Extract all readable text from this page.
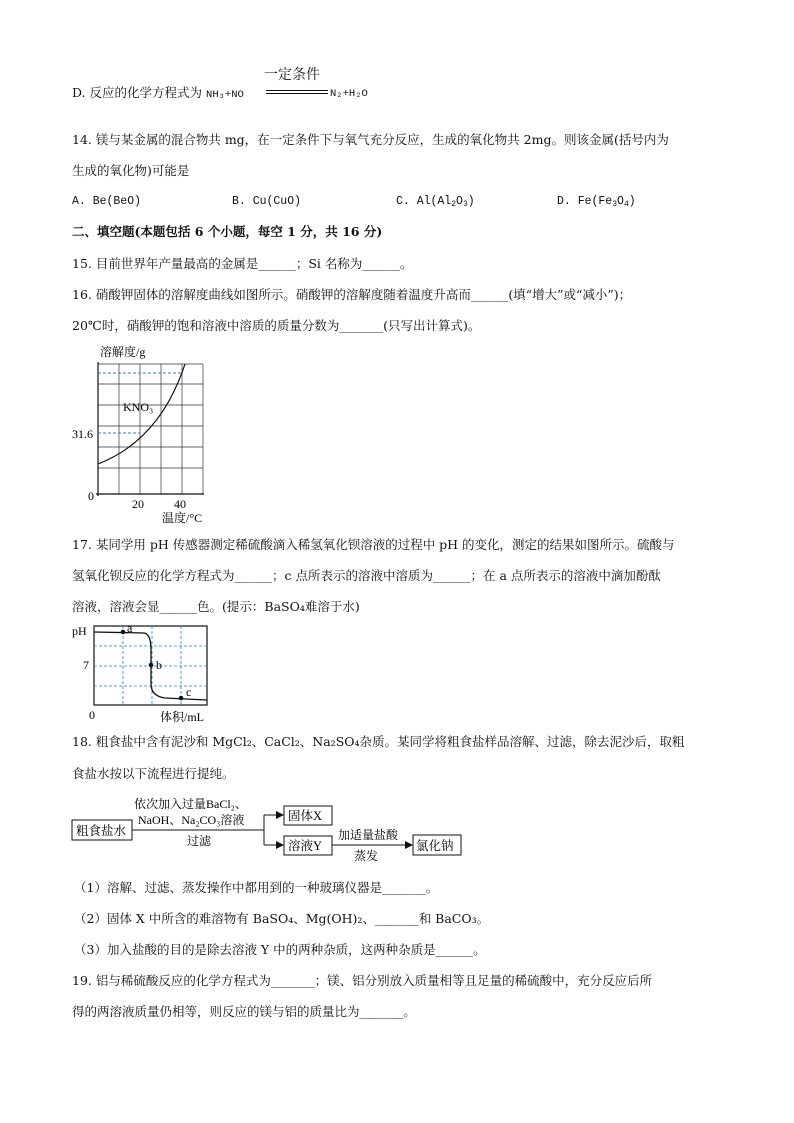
D. 反应的化学方程式为 NH₃+NO
一定条件
N₂+H₂O
14. 镁与某金属的混合物共 mg，在一定条件下与氧气充分反应，生成的氧化物共 2mg。则该金属(括号内为
生成的氧化物)可能是
A. Be(BeO)	B. Cu(CuO)	C. $Al(Al_2O_3)$	D. $Fe(Fe_3O_4)$
二、填空题(本题包括 6 个小题，每空 1 分，共 16 分)
15. 目前世界年产量最高的金属是______；Si 名称为______。
16. 硝酸钾固体的溶解度曲线如图所示。硝酸钾的溶解度随着温度升高而______(填“增大”或“减小”)；
20℃时，硝酸钾的饱和溶液中溶质的质量分数为_______(只写出计算式)。
溶解度/g
KNO₃
31.6
0
20	40
温度/°C
17. 某同学用 pH 传感器测定稀硫酸滴入稀氢氧化钡溶液的过程中 pH 的变化，测定的结果如图所示。硫酸与
氢氧化钡反应的化学方程式为______；c 点所表示的溶液中溶质为______；在 a 点所表示的溶液中滴加酚酞
溶液，溶液会显______色。(提示：BaSO₄难溶于水)
a
b
c
pH
7
0	体积/mL
18. 粗食盐中含有泥沙和 MgCl₂、CaCl₂、Na₂SO₄杂质。某同学将粗食盐样品溶解、过滤，除去泥沙后，取粗
食盐水按以下流程进行提纯。
粗食盐水
依次加入过量BaCl₂、
NaOH、Na₂CO₃溶液
过滤
固体X
溶液Y
加适量盐酸
蒸发
氯化钠
（1）溶解、过滤、蒸发操作中都用到的一种玻璃仪器是_______。
（2）固体 X 中所含的难溶物有 BaSO₄、Mg(OH)₂、_______和 BaCO₃。
（3）加入盐酸的目的是除去溶液 Y 中的两种杂质，这两种杂质是______。
19. 铝与稀硫酸反应的化学方程式为_______；镁、铝分别放入质量相等且足量的稀硫酸中，充分反应后所
得的两溶液质量仍相等，则反应的镁与铝的质量比为_______。
